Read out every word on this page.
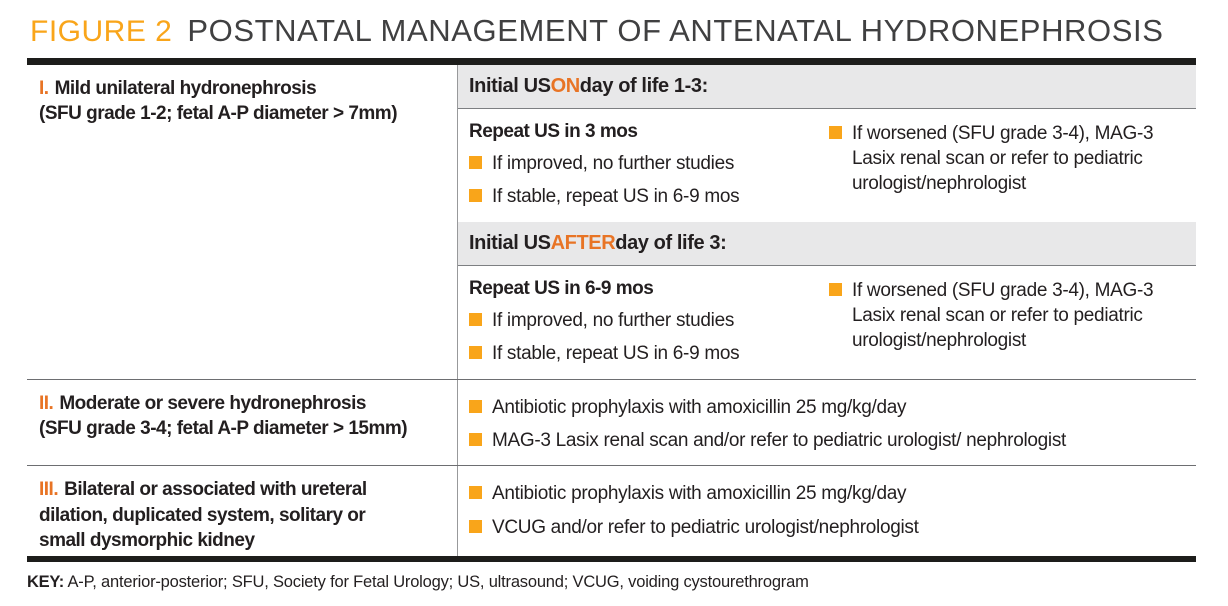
FIGURE 2 POSTNATAL MANAGEMENT OF ANTENATAL HYDRONEPHROSIS
I. Mild unilateral hydronephrosis
(SFU grade 1-2; fetal A-P diameter > 7mm)
Initial US ON day of life 1-3:
Repeat US in 3 mos
If improved, no further studies
If stable, repeat US in 6-9 mos
If worsened (SFU grade 3-4), MAG-3 Lasix renal scan or refer to pediatric urologist/nephrologist
Initial US AFTER day of life 3:
Repeat US in 6-9 mos
If improved, no further studies
If stable, repeat US in 6-9 mos
If worsened (SFU grade 3-4), MAG-3 Lasix renal scan or refer to pediatric urologist/nephrologist
II. Moderate or severe hydronephrosis
(SFU grade 3-4; fetal A-P diameter > 15mm)
Antibiotic prophylaxis with amoxicillin 25 mg/kg/day
MAG-3 Lasix renal scan and/or refer to pediatric urologist/ nephrologist
III. Bilateral or associated with ureteral
dilation, duplicated system, solitary or
small dysmorphic kidney
Antibiotic prophylaxis with amoxicillin 25 mg/kg/day
VCUG and/or refer to pediatric urologist/nephrologist
KEY: A-P, anterior-posterior; SFU, Society for Fetal Urology; US, ultrasound; VCUG, voiding cystourethrogram
